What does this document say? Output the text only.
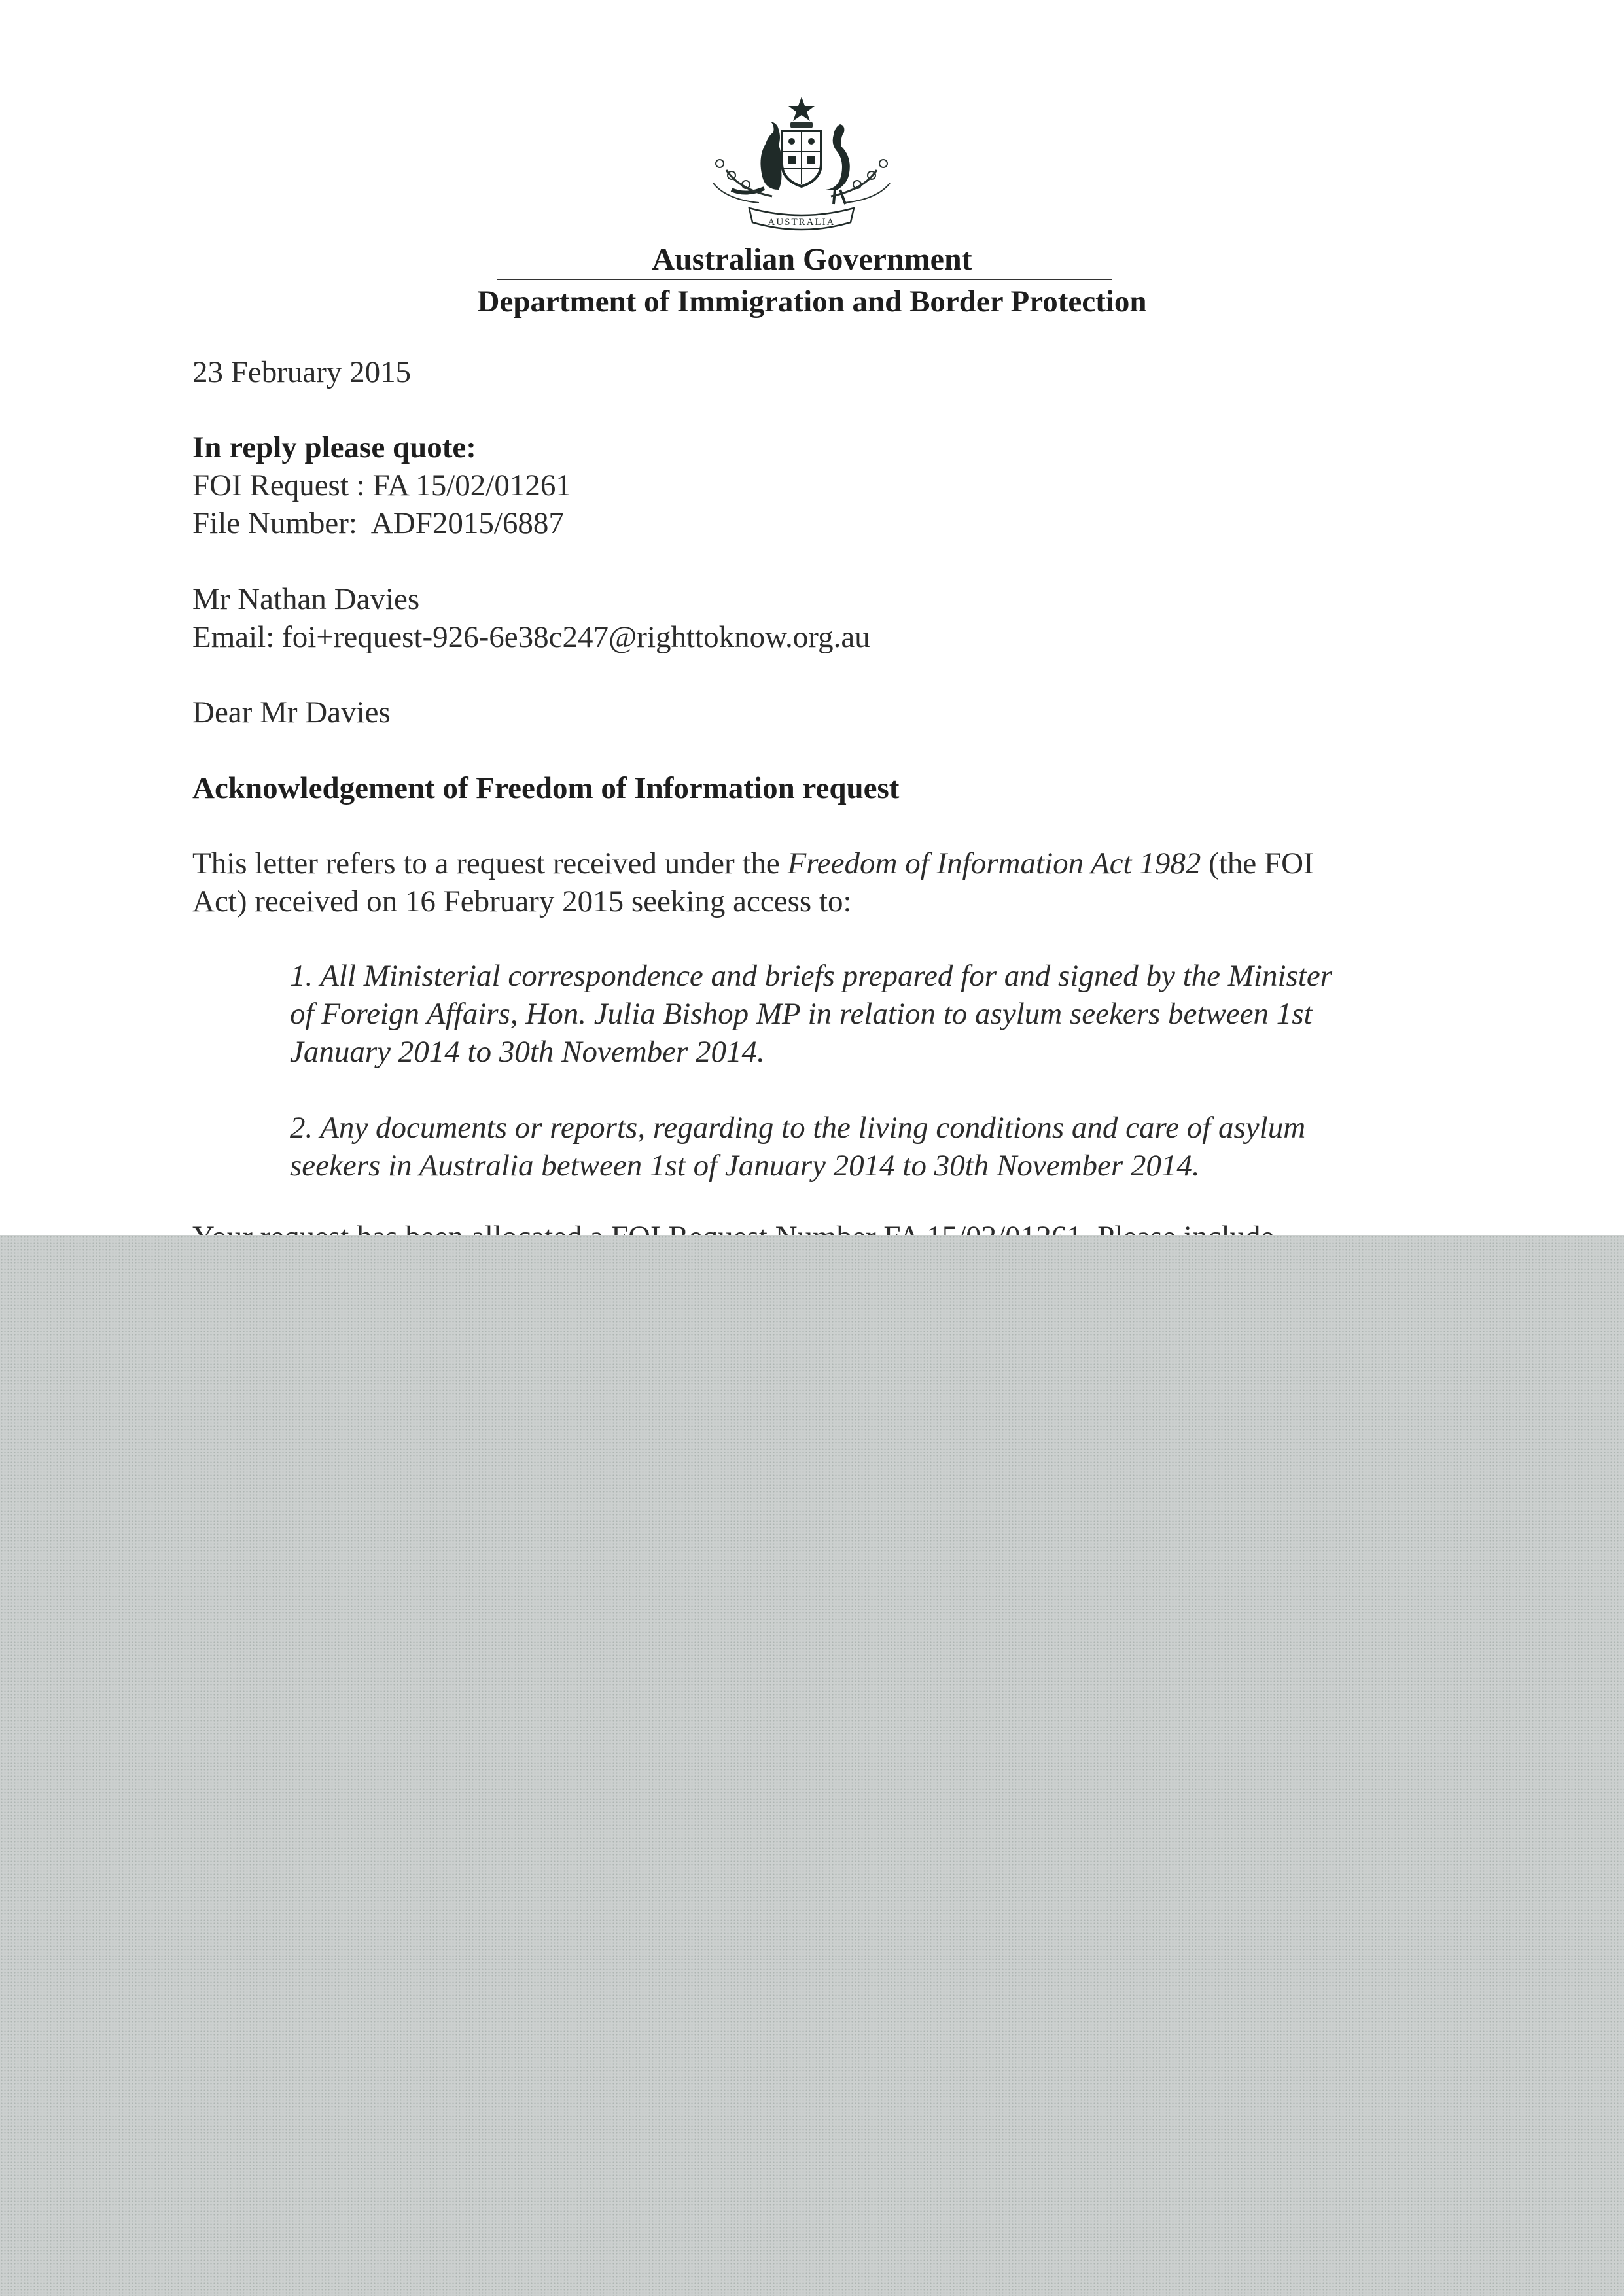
AUSTRALIA
Australian Government
Department of Immigration and Border Protection
23 February 2015
In reply please quote:
FOI Request : FA 15/02/01261
File Number:  ADF2015/6887
Mr Nathan Davies
Email: foi+request-926-6e38c247@righttoknow.org.au
Dear Mr Davies
Acknowledgement of Freedom of Information request
This letter refers to a request received under the Freedom of Information Act 1982 (the FOI
Act) received on 16 February 2015 seeking access to:
1. All Ministerial correspondence and briefs prepared for and signed by the Minister
of Foreign Affairs, Hon. Julia Bishop MP in relation to asylum seekers between 1st
January 2014 to 30th November 2014.
2. Any documents or reports, regarding to the living conditions and care of asylum
seekers in Australia between 1st of January 2014 to 30th November 2014.
